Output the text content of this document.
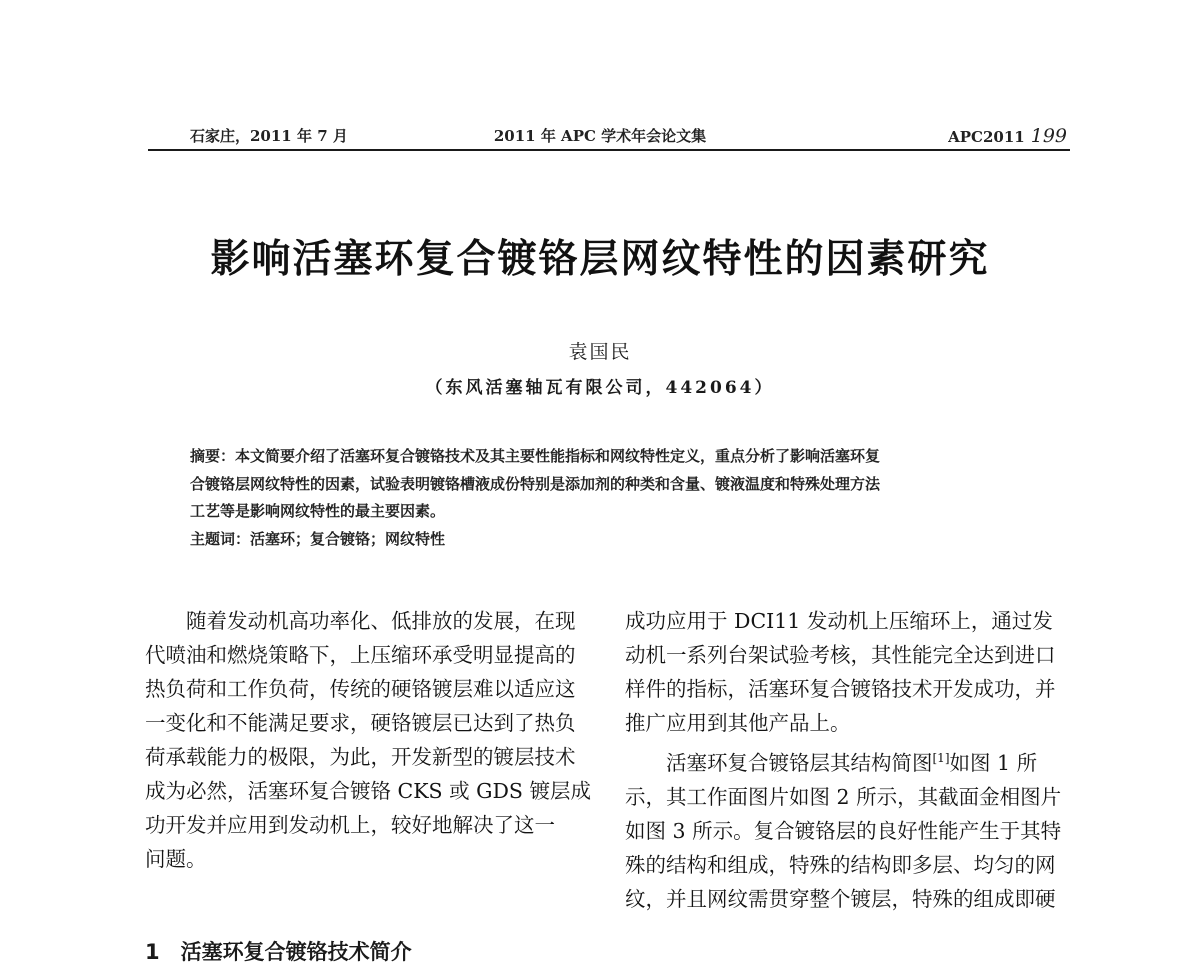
石家庄，2011 年 7 月	2011 年 APC 学术年会论文集	APC2011 199
影响活塞环复合镀铬层网纹特性的因素研究
袁国民
（东风活塞轴瓦有限公司，442064）
摘要：本文简要介绍了活塞环复合镀铬技术及其主要性能指标和网纹特性定义，重点分析了影响活塞环复
合镀铬层网纹特性的因素，试验表明镀铬槽液成份特别是添加剂的种类和含量、镀液温度和特殊处理方法
工艺等是影响网纹特性的最主要因素。
主题词：活塞环；复合镀铬；网纹特性
随着发动机高功率化、低排放的发展，在现
代喷油和燃烧策略下，上压缩环承受明显提高的
热负荷和工作负荷，传统的硬铬镀层难以适应这
一变化和不能满足要求，硬铬镀层已达到了热负
荷承载能力的极限，为此，开发新型的镀层技术
成为必然，活塞环复合镀铬 CKS 或 GDS 镀层成
功开发并应用到发动机上，较好地解决了这一
问题。
1　活塞环复合镀铬技术简介
成功应用于 DCI11 发动机上压缩环上，通过发
动机一系列台架试验考核，其性能完全达到进口
样件的指标，活塞环复合镀铬技术开发成功，并
推广应用到其他产品上。
活塞环复合镀铬层其结构简图[1]如图 1 所
示，其工作面图片如图 2 所示，其截面金相图片
如图 3 所示。复合镀铬层的良好性能产生于其特
殊的结构和组成，特殊的结构即多层、均匀的网
纹，并且网纹需贯穿整个镀层，特殊的组成即硬
